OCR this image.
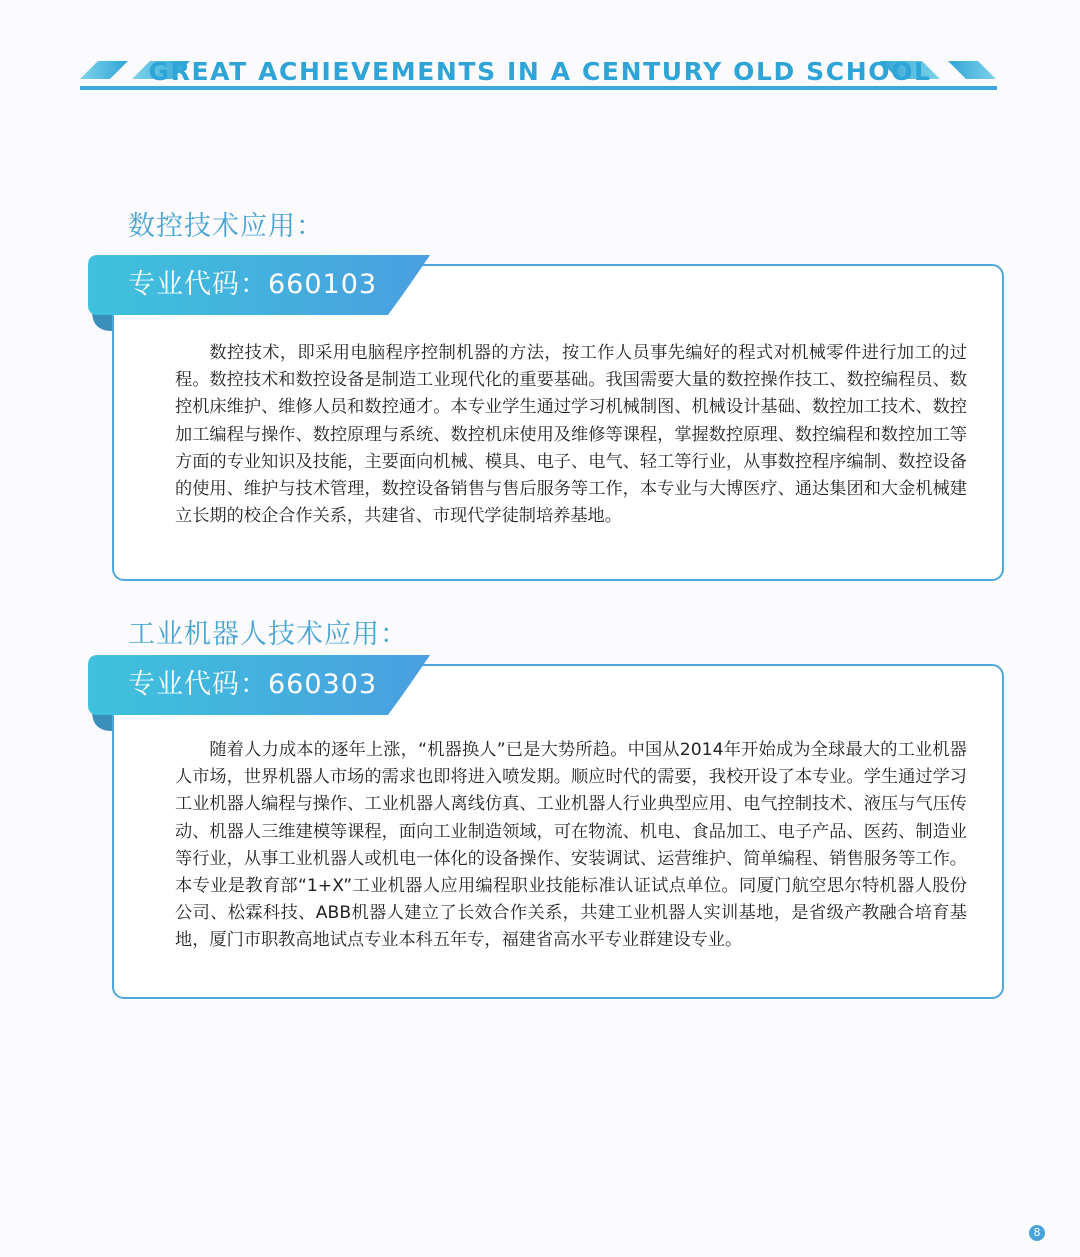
GREAT ACHIEVEMENTS IN A CENTURY OLD SCHOOL
数控技术应用：
专业代码：660103

数控技术，即采用电脑程序控制机器的方法，按工作人员事先编好的程式对机械零件进行加工的过程。数控技术和数控设备是制造工业现代化的重要基础。我国需要大量的数控操作技工、数控编程员、数控机床维护、维修人员和数控通才。本专业学生通过学习机械制图、机械设计基础、数控加工技术、数控加工编程与操作、数控原理与系统、数控机床使用及维修等课程，掌握数控原理、数控编程和数控加工等方面的专业知识及技能，主要面向机械、模具、电子、电气、轻工等行业，从事数控程序编制、数控设备的使用、维护与技术管理，数控设备销售与售后服务等工作，本专业与大博医疗、通达集团和大金机械建立长期的校企合作关系，共建省、市现代学徒制培养基地。

工业机器人技术应用：
专业代码：660303

随着人力成本的逐年上涨，“机器换人”已是大势所趋。中国从2014年开始成为全球最大的工业机器人市场，世界机器人市场的需求也即将进入喷发期。顺应时代的需要，我校开设了本专业。学生通过学习工业机器人编程与操作、工业机器人离线仿真、工业机器人行业典型应用、电气控制技术、液压与气压传动、机器人三维建模等课程，面向工业制造领域，可在物流、机电、食品加工、电子产品、医药、制造业等行业，从事工业机器人或机电一体化的设备操作、安装调试、运营维护、简单编程、销售服务等工作。本专业是教育部“1+X”工业机器人应用编程职业技能标准认证试点单位。同厦门航空思尔特机器人股份公司、松霖科技、ABB机器人建立了长效合作关系，共建工业机器人实训基地，是省级产教融合培育基地，厦门市职教高地试点专业本科五年专，福建省高水平专业群建设专业。

8
